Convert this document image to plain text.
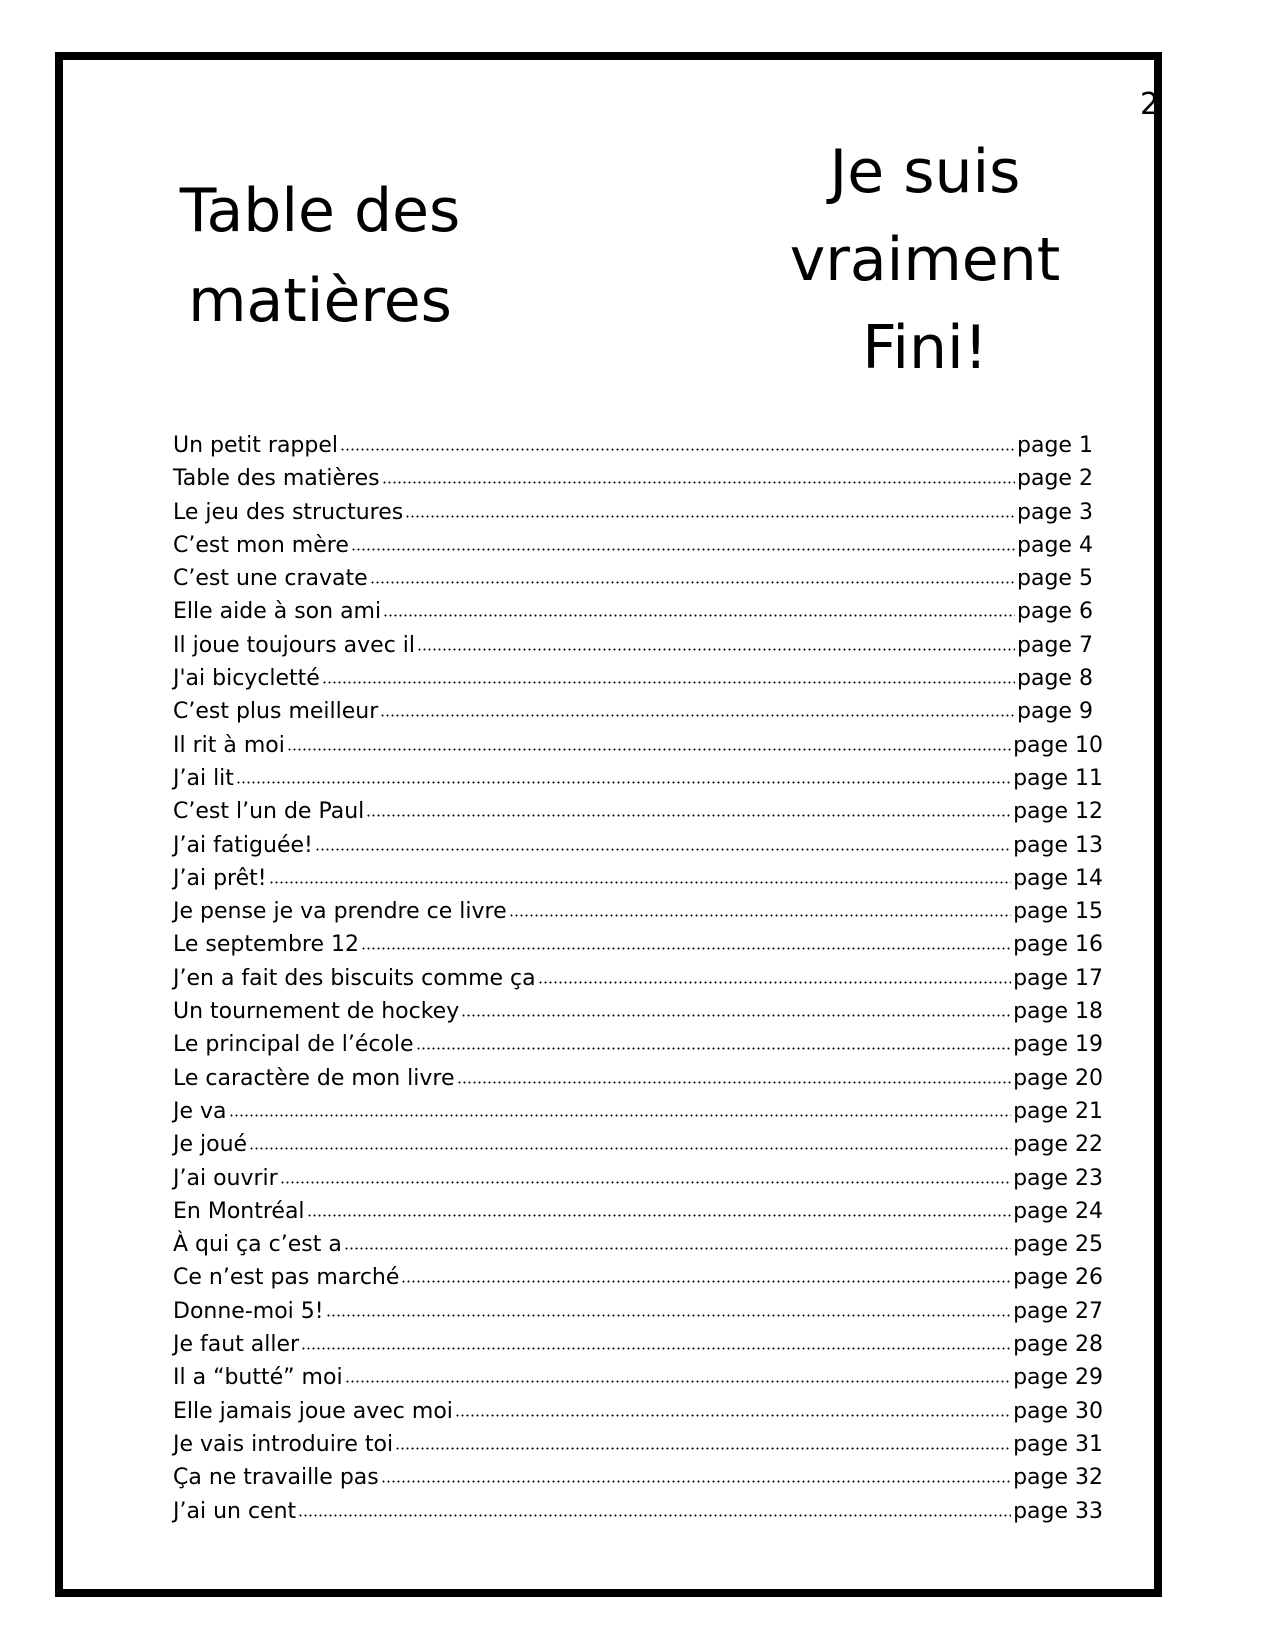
2
Table des
matières
Je suis
vraiment
Fini!
Un petit rappel	page 1
Table des matières	page 2
Le jeu des structures	page 3
C’est mon mère	page 4
C’est une cravate	page 5
Elle aide à son ami	page 6
Il joue toujours avec il	page 7
J'ai bicycletté	page 8
C’est plus meilleur	page 9
Il rit à moi	page 10
J’ai lit	page 11
C’est l’un de Paul	page 12
J’ai fatiguée!	page 13
J’ai prêt!	page 14
Je pense je va prendre ce livre	page 15
Le septembre 12	page 16
J’en a fait des biscuits comme ça	page 17
Un tournement de hockey	page 18
Le principal de l’école	page 19
Le caractère de mon livre	page 20
Je va	page 21
Je joué	page 22
J’ai ouvrir	page 23
En Montréal	page 24
À qui ça c’est a	page 25
Ce n’est pas marché	page 26
Donne-moi 5!	page 27
Je faut aller	page 28
Il a “butté” moi	page 29
Elle jamais joue avec moi	page 30
Je vais introduire toi	page 31
Ça ne travaille pas	page 32
J’ai un cent	page 33
